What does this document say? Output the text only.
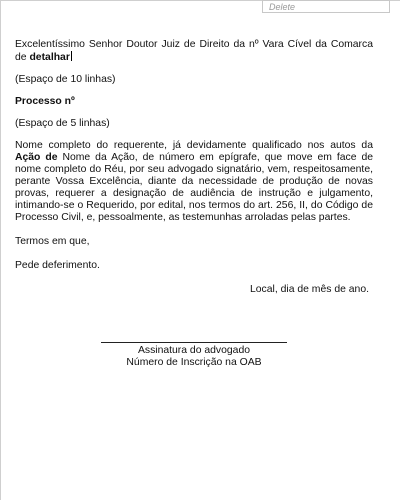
Delete

Excelentíssimo Senhor Doutor Juiz de Direito da nº Vara Cível da Comarca de detalhar

(Espaço de 10 linhas)

Processo nº

(Espaço de 5 linhas)

Nome completo do requerente, já devidamente qualificado nos autos da Ação de Nome da Ação, de número em epígrafe, que move em face de nome completo do Réu, por seu advogado signatário, vem, respeitosamente, perante Vossa Excelência, diante da necessidade de produção de novas provas, requerer a designação de audiência de instrução e julgamento, intimando-se o Requerido, por edital, nos termos do art. 256, II, do Código de Processo Civil, e, pessoalmente, as testemunhas arroladas pelas partes.

Termos em que,

Pede deferimento.

Local, dia de mês de ano.

Assinatura do advogado
Número de Inscrição na OAB
